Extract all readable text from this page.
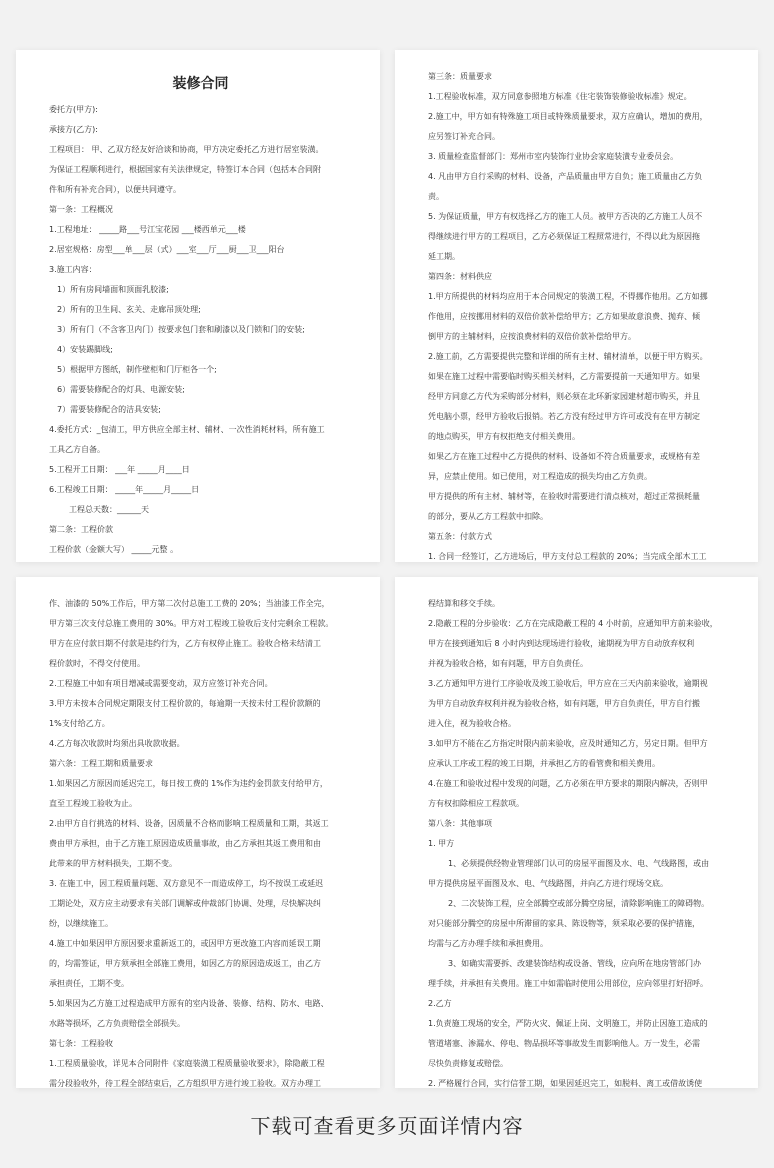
装修合同
委托方(甲方):
承接方(乙方):
工程项目： 甲、乙双方经友好洽谈和协商，甲方决定委托乙方进行居室装潢。
为保证工程顺利进行，根据国家有关法律规定，特签订本合同（包括本合同附
件和所有补充合同），以便共同遵守。
第一条：工程概况
1.工程地址： _____路___号江宝花园 ___楼西单元___楼
2.居室规格：房型___单___层（式）___室___厅___厨___卫___阳台
3.施工内容：
1）所有房间墙面和顶面乳胶漆;
2）所有的卫生间、玄关、走廊吊顶处理;
3）所有门（不含客卫内门）按要求包门套和刷漆以及门锁和门的安装;
4）安装踢脚线;
5）根据甲方图纸，制作壁柜和门厅柜各一个;
6）需要装修配合的灯具、电源安装;
7）需要装修配合的洁具安装;
4.委托方式：_包清工，甲方供应全部主材、辅材、一次性消耗材料，所有施工
工具乙方自备。
5.工程开工日期： ___年 _____月____日
6.工程竣工日期： _____年_____月_____日
工程总天数：______天
第二条：工程价款
工程价款（金额大写） _____元整 。
第三条：质量要求
1.工程验收标准，双方同意参照地方标准《住宅装饰装修验收标准》规定。
2.施工中，甲方如有特殊施工项目或特殊质量要求，双方应确认，增加的费用，
应另签订补充合同。
3. 质量检查监督部门：郑州市室内装饰行业协会家庭装潢专业委员会。
4. 凡由甲方自行采购的材料、设备，产品质量由甲方自负；施工质量由乙方负
责。
5. 为保证质量，甲方有权选择乙方的施工人员。被甲方否决的乙方施工人员不
得继续进行甲方的工程项目，乙方必须保证工程照常进行，不得以此为原因拖
延工期。
第四条：材料供应
1.甲方所提供的材料均应用于本合同规定的装潢工程，不得挪作他用。乙方如挪
作他用，应按挪用材料的双倍价款补偿给甲方；乙方如果故意浪费、抛弃、倾
倒甲方的主辅材料，应按浪费材料的双倍价款补偿给甲方。
2.施工前，乙方需要提供完整和详细的所有主材、辅材清单，以便于甲方购买。
如果在施工过程中需要临时购买相关材料，乙方需要提前一天通知甲方。如果
经甲方同意乙方代为采购部分材料，则必须在北环新家园建材超市购买，并且
凭电脑小票，经甲方验收后报销。若乙方没有经过甲方许可或没有在甲方制定
的地点购买，甲方有权拒绝支付相关费用。
如果乙方在施工过程中乙方提供的材料、设备如不符合质量要求，或规格有差
异，应禁止使用。如已使用，对工程造成的损失均由乙方负责。
甲方提供的所有主材、辅材等，在验收时需要进行清点核对，超过正常损耗量
的部分，要从乙方工程款中扣除。
第五条：付款方式
1. 合同一经签订，乙方进场后，甲方支付总工程款的 20%；当完成全部木工工
作、油漆的 50%工作后，甲方第二次付总施工工费的 20%；当油漆工作全完，
甲方第三次支付总施工费用的 30%。甲方对工程竣工验收后支付完剩余工程款。
甲方在应付款日期不付款是违约行为，乙方有权停止施工。验收合格未结清工
程价款时，不得交付使用。
2.工程施工中如有项目增减或需要变动，双方应签订补充合同。
3.甲方未按本合同规定期限支付工程价款的，每逾期一天按未付工程价款额的
1%支付给乙方。
4.乙方每次收款时均须出具收款收据。
第六条：工程工期和质量要求
1.如果因乙方原因而延迟完工，每日按工费的 1%作为违约金罚款支付给甲方，
直至工程竣工验收为止。
2.由甲方自行挑选的材料、设备，因质量不合格而影响工程质量和工期，其返工
费由甲方承担，由于乙方施工原因造成质量事故，由乙方承担其返工费用和由
此带来的甲方材料损失，工期不变。
3. 在施工中，因工程质量问题、双方意见不一而造成停工，均不按误工或延迟
工期论处，双方应主动要求有关部门调解或仲裁部门协调、处理，尽快解决纠
纷，以继续施工。
4.施工中如果因甲方原因要求重新返工的，或因甲方更改施工内容而延误工期
的，均需签证，甲方须承担全部施工费用，如因乙方的原因造成返工，由乙方
承担责任，工期不变。
5.如果因为乙方施工过程造成甲方原有的室内设备、装修、结构、防水、电路、
水路等损坏，乙方负责赔偿全部损失。
第七条：工程验收
1.工程质量验收，详见本合同附件《家庭装潢工程质量验收要求》，除隐蔽工程
需分段验收外，待工程全部结束后，乙方组织甲方进行竣工验收。双方办理工
程结算和移交手续。
2.隐蔽工程的分步验收：乙方在完成隐蔽工程的 4 小时前，应通知甲方前来验收，
甲方在接到通知后 8 小时内到达现场进行验收，逾期视为甲方自动放弃权利
并视为验收合格，如有问题，甲方自负责任。
3.乙方通知甲方进行工序验收及竣工验收后，甲方应在三天内前来验收，逾期视
为甲方自动放弃权利并视为验收合格，如有问题，甲方自负责任，甲方自行搬
进入住，视为验收合格。
3.如甲方不能在乙方指定时限内前来验收，应及时通知乙方，另定日期。但甲方
应承认工序或工程的竣工日期，并承担乙方的看管费和相关费用。
4.在施工和验收过程中发现的问题，乙方必须在甲方要求的期限内解决，否则甲
方有权扣除相应工程款项。
第八条：其他事项
1. 甲方
1、必须提供经物业管理部门认可的房屋平面图及水、电、气线路图，或由
甲方提供房屋平面图及水、电、气线路图，并向乙方进行现场交底。
2、二次装饰工程，应全部腾空或部分腾空房屋，清除影响施工的障碍物。
对只能部分腾空的房屋中所滞留的家具、陈设物等，须采取必要的保护措施，
均需与乙方办理手续和承担费用。
3、如确实需要拆、改建装饰结构或设备、管线，应向所在地房管部门办
理手续，并承担有关费用。施工中如需临时使用公用部位，应向邻里打好招呼。
2.乙方
1.负责施工现场的安全，严防火灾、佩证上岗、文明施工，并防止因施工造成的
管道堵塞、渗漏水、停电、物品损坏等事故发生而影响他人。万一发生，必需
尽快负责修复或赔偿。
2. 严格履行合同，实行信誉工期，如果因延迟完工，如脱料、离工或借故诱使
下载可查看更多页面详情内容
